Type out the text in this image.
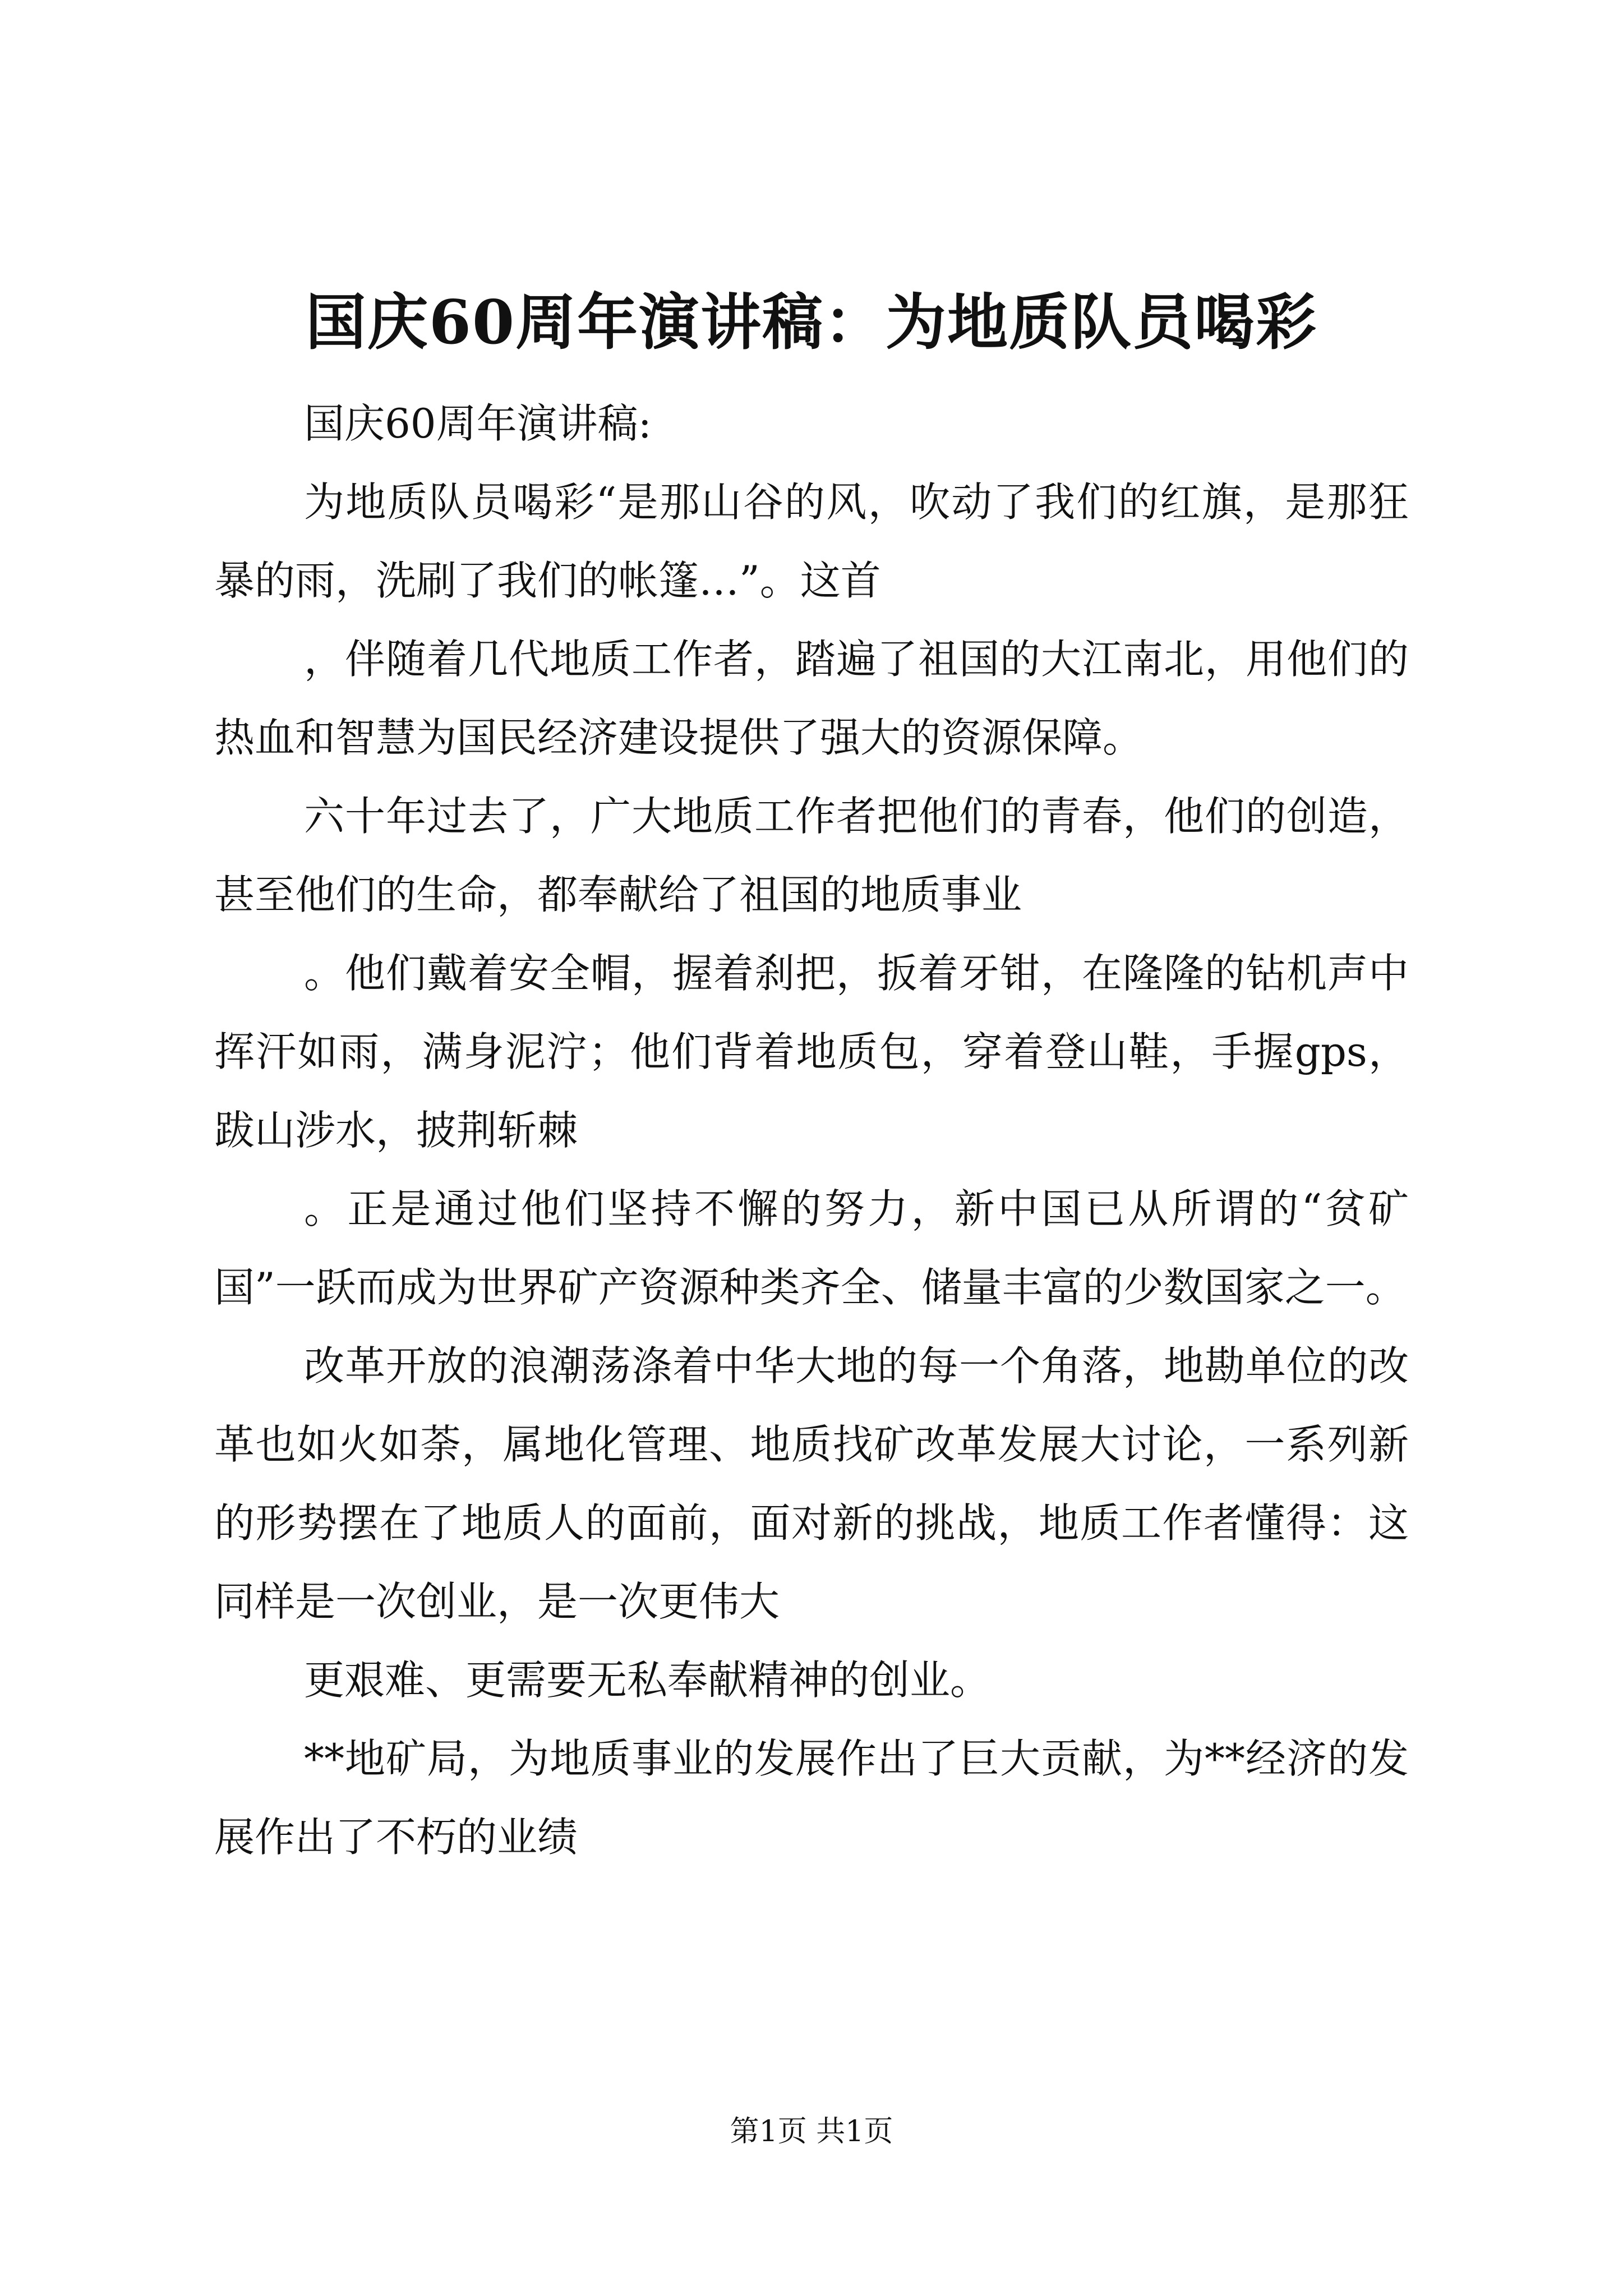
国庆60周年演讲稿：为地质队员喝彩

国庆60周年演讲稿:

为地质队员喝彩“是那山谷的风，吹动了我们的红旗，是那狂暴的雨，洗刷了我们的帐篷…”。这首

，伴随着几代地质工作者，踏遍了祖国的大江南北，用他们的热血和智慧为国民经济建设提供了强大的资源保障。

六十年过去了，广大地质工作者把他们的青春，他们的创造，甚至他们的生命，都奉献给了祖国的地质事业

。他们戴着安全帽，握着刹把，扳着牙钳，在隆隆的钻机声中挥汗如雨，满身泥泞；他们背着地质包，穿着登山鞋，手握gps，跋山涉水，披荆斩棘

。正是通过他们坚持不懈的努力，新中国已从所谓的“贫矿国”一跃而成为世界矿产资源种类齐全、储量丰富的少数国家之一。

改革开放的浪潮荡涤着中华大地的每一个角落，地勘单位的改革也如火如荼，属地化管理、地质找矿改革发展大讨论，一系列新的形势摆在了地质人的面前，面对新的挑战，地质工作者懂得：这同样是一次创业，是一次更伟大

更艰难、更需要无私奉献精神的创业。

**地矿局，为地质事业的发展作出了巨大贡献，为**经济的发展作出了不朽的业绩

第1页 共1页
